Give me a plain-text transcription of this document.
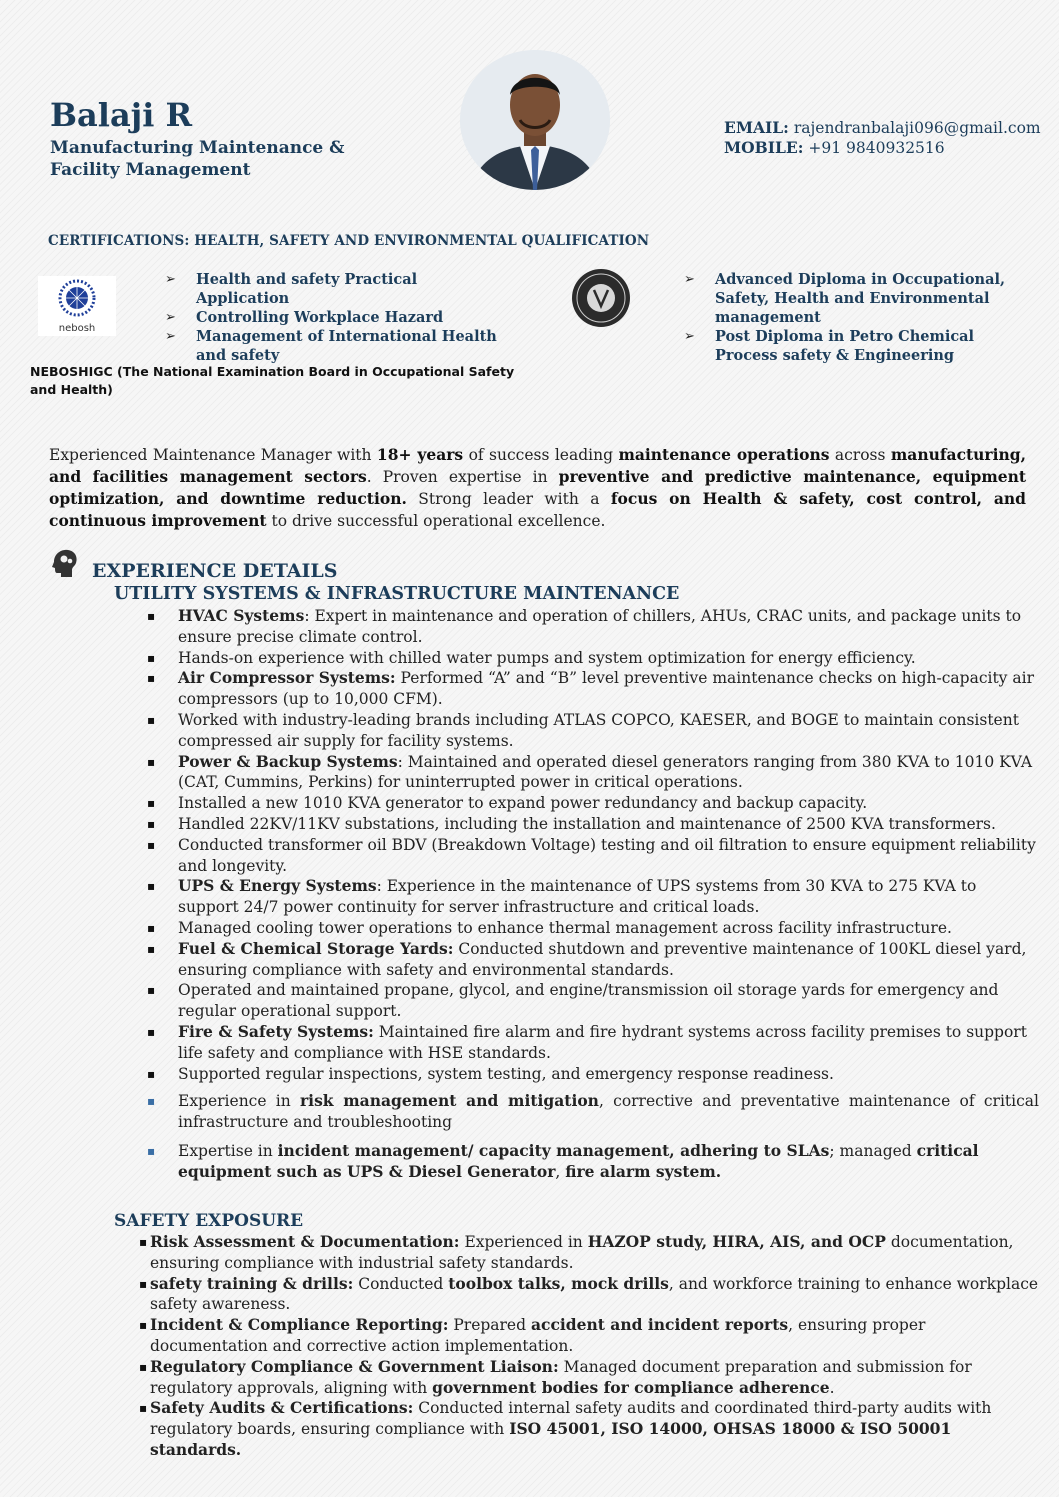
Balaji R
Manufacturing Maintenance &
Facility Management
EMAIL: rajendranbalaji096@gmail.com
MOBILE: +91 9840932516
CERTIFICATIONS: HEALTH, SAFETY AND ENVIRONMENTAL QUALIFICATION
nebosh
➢ Health and safety Practical Application
➢ Controlling Workplace Hazard
➢ Management of International Health and safety
➢ Advanced Diploma in Occupational, Safety, Health and Environmental management
➢ Post Diploma in Petro Chemical Process safety & Engineering
NEBOSHIGC (The National Examination Board in Occupational Safety and Health)
Experienced Maintenance Manager with 18+ years of success leading maintenance operations across manufacturing, and facilities management sectors. Proven expertise in preventive and predictive maintenance, equipment optimization, and downtime reduction. Strong leader with a focus on Health & safety, cost control, and continuous improvement to drive successful operational excellence.
EXPERIENCE DETAILS
UTILITY SYSTEMS & INFRASTRUCTURE MAINTENANCE
▪ HVAC Systems: Expert in maintenance and operation of chillers, AHUs, CRAC units, and package units to ensure precise climate control.
▪ Hands-on experience with chilled water pumps and system optimization for energy efficiency.
▪ Air Compressor Systems: Performed “A” and “B” level preventive maintenance checks on high-capacity air compressors (up to 10,000 CFM).
▪ Worked with industry-leading brands including ATLAS COPCO, KAESER, and BOGE to maintain consistent compressed air supply for facility systems.
▪ Power & Backup Systems: Maintained and operated diesel generators ranging from 380 KVA to 1010 KVA (CAT, Cummins, Perkins) for uninterrupted power in critical operations.
▪ Installed a new 1010 KVA generator to expand power redundancy and backup capacity.
▪ Handled 22KV/11KV substations, including the installation and maintenance of 2500 KVA transformers.
▪ Conducted transformer oil BDV (Breakdown Voltage) testing and oil filtration to ensure equipment reliability and longevity.
▪ UPS & Energy Systems: Experience in the maintenance of UPS systems from 30 KVA to 275 KVA to support 24/7 power continuity for server infrastructure and critical loads.
▪ Managed cooling tower operations to enhance thermal management across facility infrastructure.
▪ Fuel & Chemical Storage Yards: Conducted shutdown and preventive maintenance of 100KL diesel yard, ensuring compliance with safety and environmental standards.
▪ Operated and maintained propane, glycol, and engine/transmission oil storage yards for emergency and regular operational support.
▪ Fire & Safety Systems: Maintained fire alarm and fire hydrant systems across facility premises to support life safety and compliance with HSE standards.
▪ Supported regular inspections, system testing, and emergency response readiness.
▪ Experience in risk management and mitigation, corrective and preventative maintenance of critical infrastructure and troubleshooting
▪ Expertise in incident management/ capacity management, adhering to SLAs; managed critical equipment such as UPS & Diesel Generator, fire alarm system.
SAFETY EXPOSURE
▪ Risk Assessment & Documentation: Experienced in HAZOP study, HIRA, AIS, and OCP documentation, ensuring compliance with industrial safety standards.
▪ safety training & drills: Conducted toolbox talks, mock drills, and workforce training to enhance workplace safety awareness.
▪ Incident & Compliance Reporting: Prepared accident and incident reports, ensuring proper documentation and corrective action implementation.
▪ Regulatory Compliance & Government Liaison: Managed document preparation and submission for regulatory approvals, aligning with government bodies for compliance adherence.
▪ Safety Audits & Certifications: Conducted internal safety audits and coordinated third-party audits with regulatory boards, ensuring compliance with ISO 45001, ISO 14000, OHSAS 18000 & ISO 50001 standards.
